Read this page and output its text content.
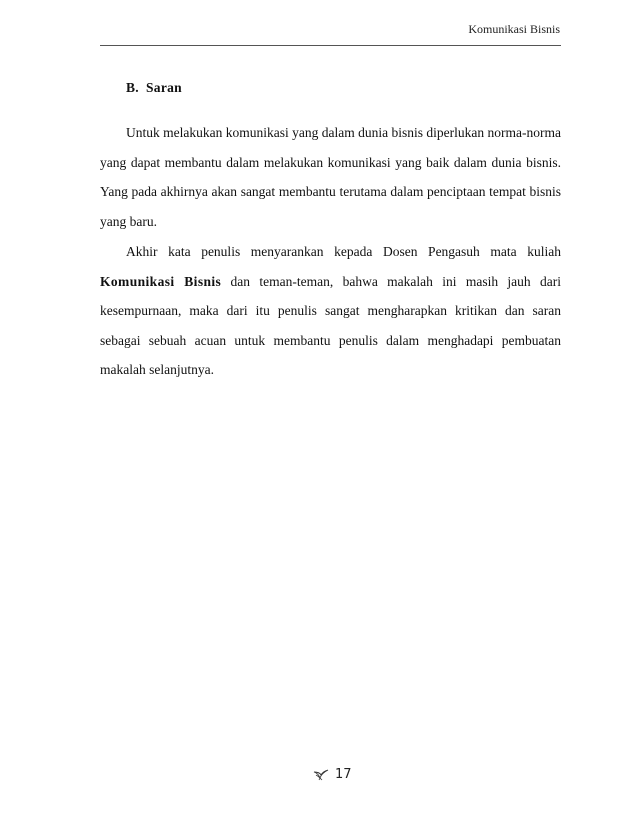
Komunikasi Bisnis
B. Saran

Untuk melakukan komunikasi yang dalam dunia bisnis diperlukan norma-norma yang dapat membantu dalam melakukan komunikasi yang baik dalam dunia bisnis. Yang pada akhirnya akan sangat membantu terutama dalam penciptaan tempat bisnis yang baru.

Akhir kata penulis menyarankan kepada Dosen Pengasuh mata kuliah Komunikasi Bisnis dan teman-teman, bahwa makalah ini masih jauh dari kesempurnaan, maka dari itu penulis sangat mengharapkan kritikan dan saran sebagai sebuah acuan untuk membantu penulis dalam menghadapi pembuatan makalah selanjutnya.

17
